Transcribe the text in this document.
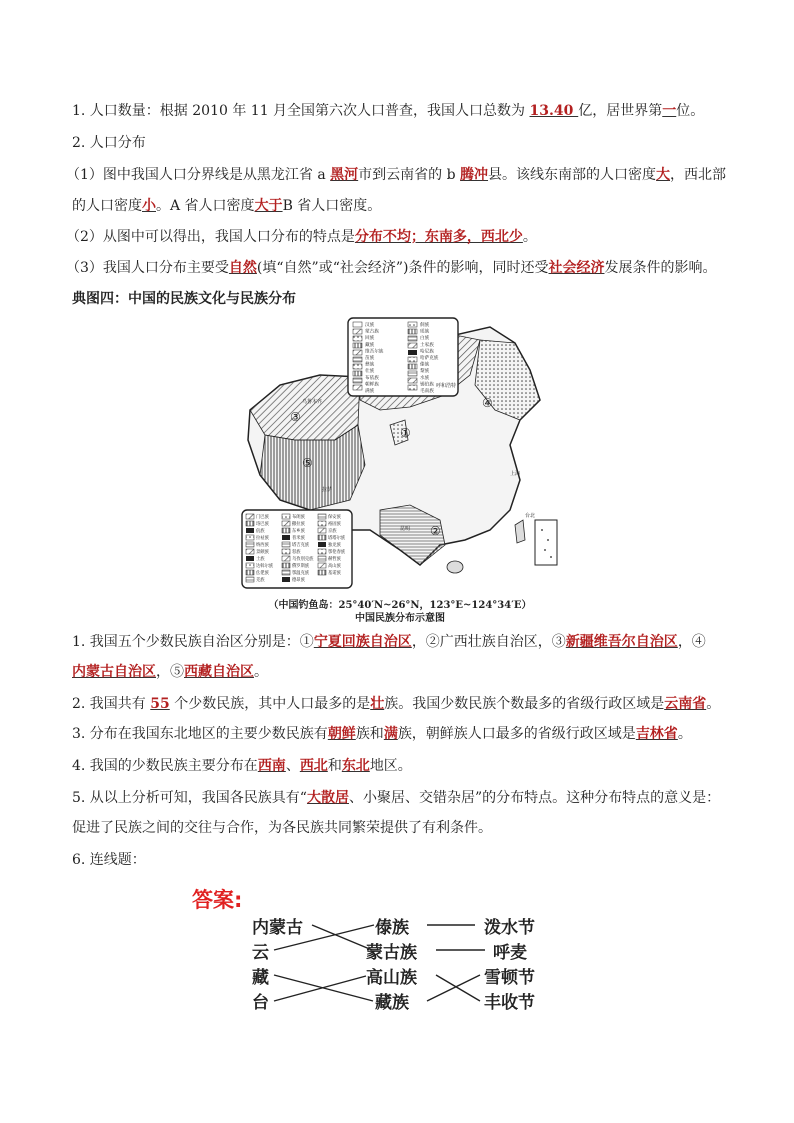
1. 人口数量：根据 2010 年 11 月全国第六次人口普查，我国人口总数为 13.40 亿，居世界第一位。
2. 人口分布
（1）图中我国人口分界线是从黑龙江省 a 黑河市到云南省的 b 腾冲县。该线东南部的人口密度大，西北部
的人口密度小。A 省人口密度大于B 省人口密度。
（2）从图中可以得出，我国人口分布的特点是分布不均；东南多，西北少。
（3）我国人口分布主要受自然(填“自然”或“社会经济”)条件的影响，同时还受社会经济发展条件的影响。
典图四：中国的民族文化与民族分布
汉族
蒙古族
回族
藏族
维吾尔族
苗族
彝族
壮族
布依族
朝鲜族
满族
侗族
瑶族
白族
土家族
哈尼族
哈萨克族
傣族
黎族
水族
锡伯族
毛南族
门巴族
珞巴族
佤族
拉祜族
纳西族
景颇族
土族
达斡尔族
仫佬族
羌族
布朗族
撒拉族
东乡族
普米族
塔吉克族
怒族
乌孜别克族
俄罗斯族
鄂温克族
德昂族
保安族
裕固族
京族
塔塔尔族
独龙族
鄂伦春族
赫哲族
高山族
基诺族
①
②
③
④
⑤
乌鲁木齐
拉萨
呼和浩特
上海
昆明
台北
（中国钓鱼岛：25°40′N~26°N，123°E~124°34′E）
中国民族分布示意图
1. 我国五个少数民族自治区分别是：①宁夏回族自治区，②广西壮族自治区，③新疆维吾尔自治区，④
内蒙古自治区，⑤西藏自治区。
2. 我国共有 55 个少数民族，其中人口最多的是壮族。我国少数民族个数最多的省级行政区域是云南省。
3. 分布在我国东北地区的主要少数民族有朝鲜族和满族，朝鲜族人口最多的省级行政区域是吉林省。
4. 我国的少数民族主要分布在西南、西北和东北地区。
5. 从以上分析可知，我国各民族具有“大散居、小聚居、交错杂居”的分布特点。这种分布特点的意义是：
促进了民族之间的交往与合作，为各民族共同繁荣提供了有利条件。
6. 连线题：
答案:
内蒙古
云
藏
台
傣族
蒙古族
高山族
藏族
泼水节
呼麦
雪顿节
丰收节
